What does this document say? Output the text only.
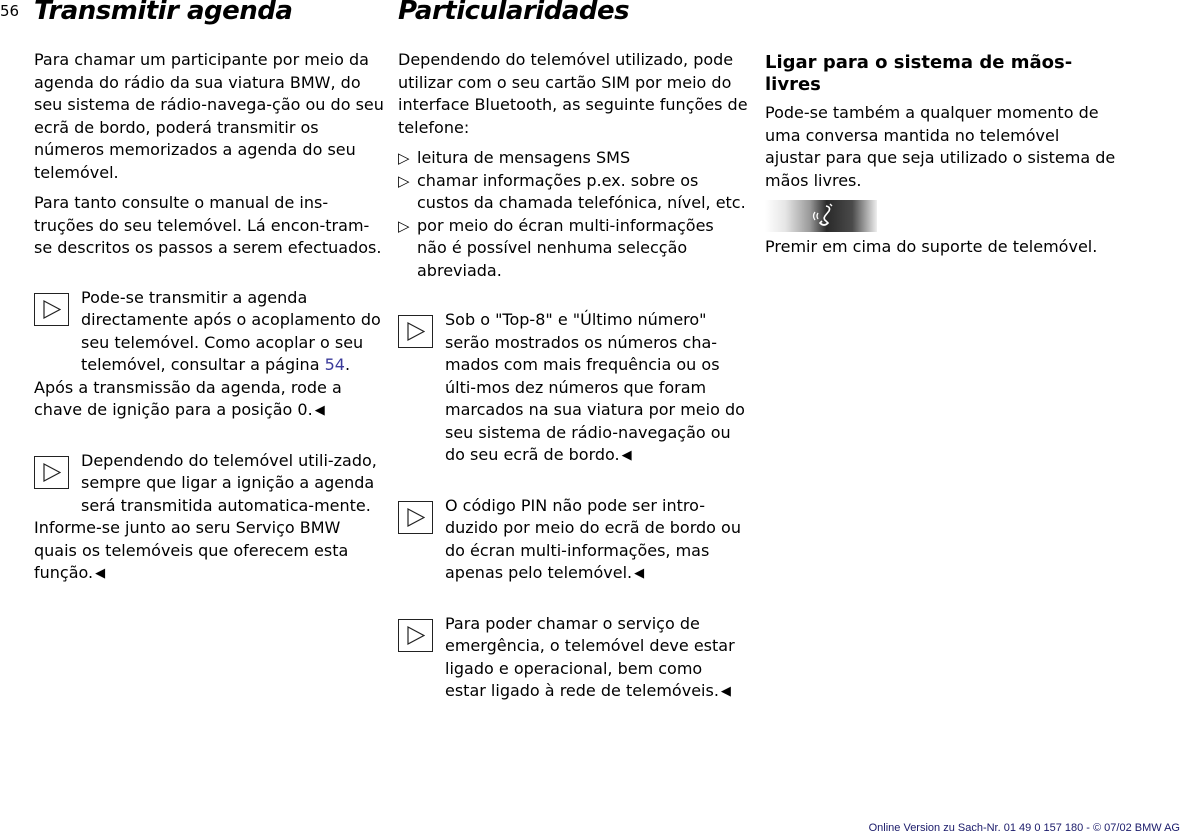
56 Transmitir agenda	Particularidades

Para chamar um participante por meio da agenda do rádio da sua viatura BMW, do seu sistema de rádio-navega-ção ou do seu ecrã de bordo, poderá transmitir os números memorizados a agenda do seu telemóvel.

Para tanto consulte o manual de ins-truções do seu telemóvel. Lá encon-tram-se descritos os passos a serem efectuados.

Pode-se transmitir a agenda directamente após o acoplamento do seu telemóvel. Como acoplar o seu telemóvel, consultar a página 54.
Após a transmissão da agenda, rode a chave de ignição para a posição 0. ◀
Dependendo do telemóvel utili-zado, sempre que ligar a ignição a agenda será transmitida automatica-mente.
Informe-se junto ao seru Serviço BMW quais os telemóveis que oferecem esta função. ◀

Dependendo do telemóvel utilizado, pode utilizar com o seu cartão SIM por meio do interface Bluetooth, as seguinte funções de telefone:

▷ leitura de mensagens SMS
▷ chamar informações p.ex. sobre os custos da chamada telefónica, nível, etc.
▷ por meio do écran multi-informações não é possível nenhuma selecção abreviada.
Sob o "Top-8" e "Último número" serão mostrados os números cha-mados com mais frequência ou os últi-mos dez números que foram marcados na sua viatura por meio do seu sistema de rádio-navegação ou do seu ecrã de bordo. ◀
O código PIN não pode ser intro-duzido por meio do ecrã de bordo ou do écran multi-informações, mas apenas pelo telemóvel. ◀
Para poder chamar o serviço de emergência, o telemóvel deve estar ligado e operacional, bem como estar ligado à rede de telemóveis. ◀
Ligar para o sistema de mãos-livres

Pode-se também a qualquer momento de uma conversa mantida no telemóvel ajustar para que seja utilizado o sistema de mãos livres.

Premir em cima do suporte de telemóvel.

Online Version zu Sach-Nr. 01 49 0 157 180 - © 07/02 BMW AG
